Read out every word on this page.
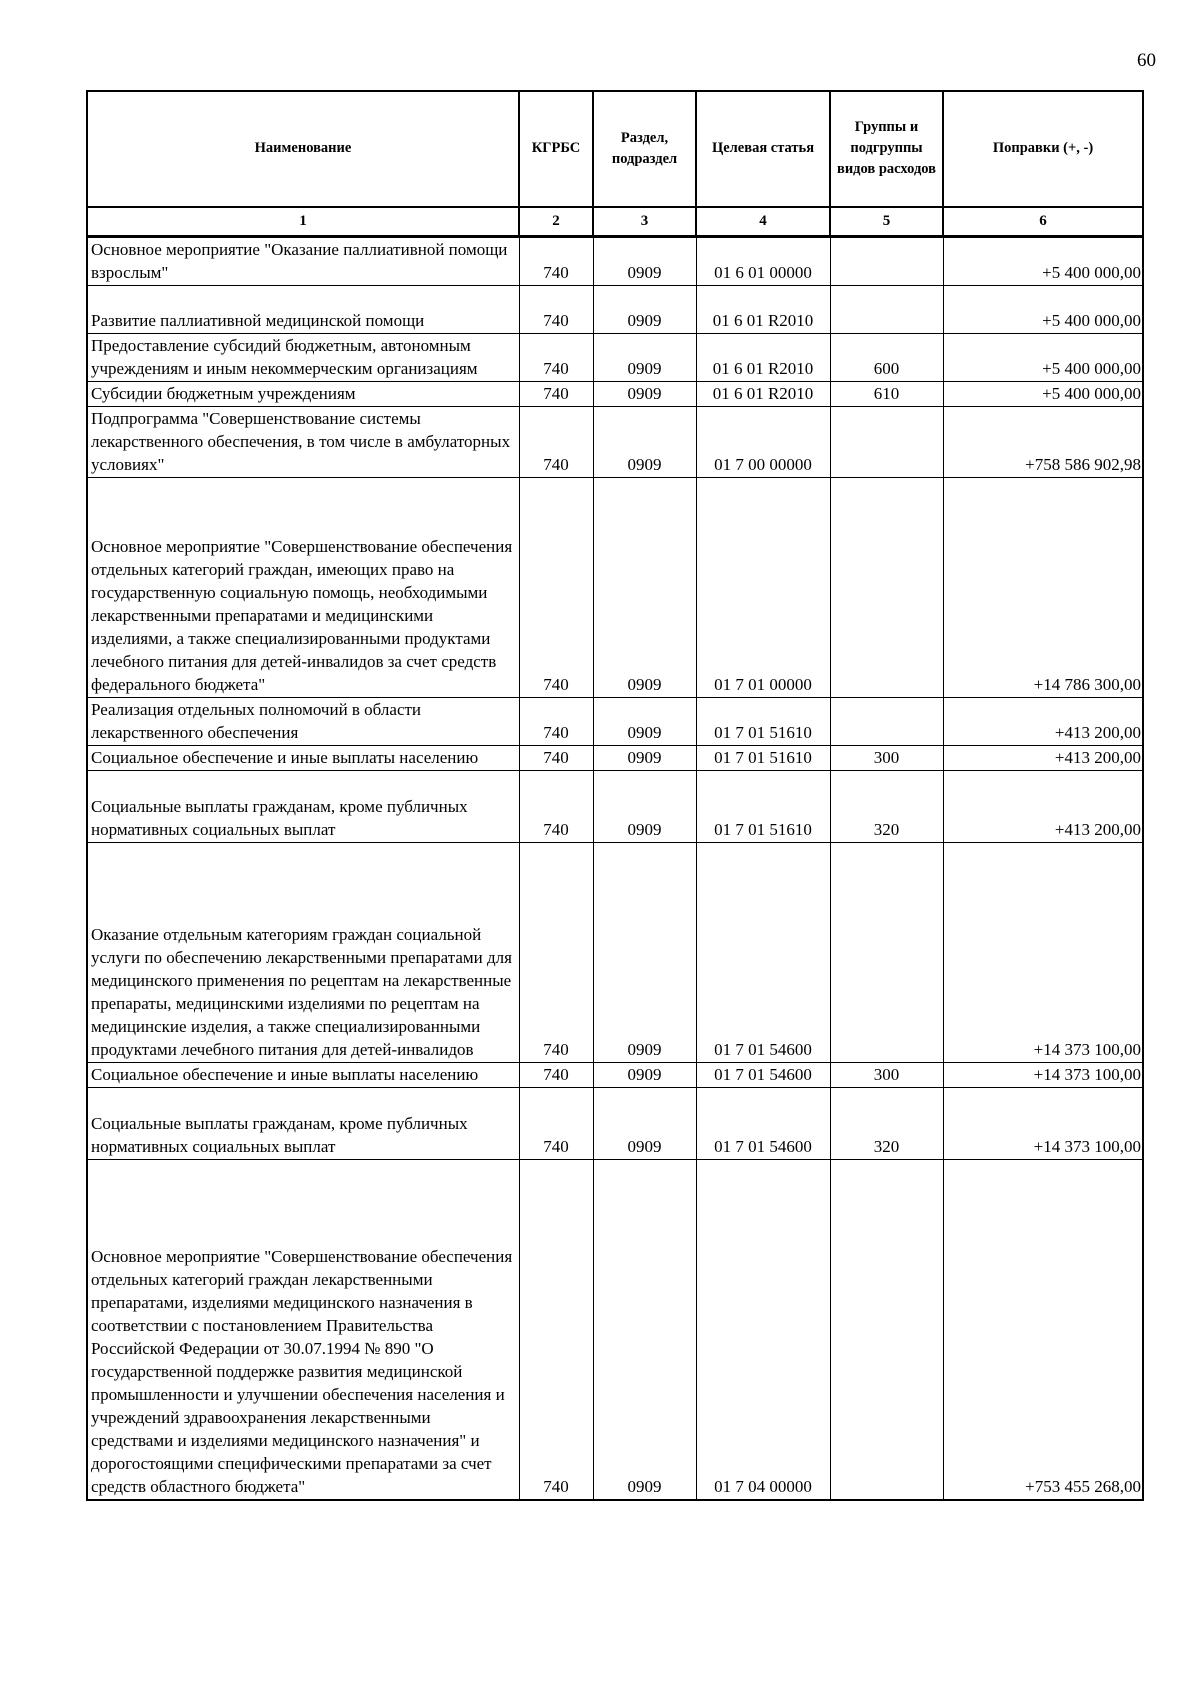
60
Наименование	КГРБС	Раздел, подраздел	Целевая статья	Группы и подгруппы видов расходов	Поправки (+, -)
1	2	3	4	5	6
Основное мероприятие "Оказание паллиативной помощи взрослым"	740	0909	01 6 01 00000		+5 400 000,00
Развитие паллиативной медицинской помощи	740	0909	01 6 01 R2010		+5 400 000,00
Предоставление субсидий бюджетным, автономным учреждениям и иным некоммерческим организациям	740	0909	01 6 01 R2010	600	+5 400 000,00
Субсидии бюджетным учреждениям	740	0909	01 6 01 R2010	610	+5 400 000,00
Подпрограмма "Совершенствование системы лекарственного обеспечения, в том числе в амбулаторных условиях"	740	0909	01 7 00 00000		+758 586 902,98
Основное мероприятие "Совершенствование обеспечения отдельных категорий граждан, имеющих право на государственную социальную помощь, необходимыми лекарственными препаратами и медицинскими изделиями, а также специализированными продуктами лечебного питания для детей-инвалидов за счет средств федерального бюджета"	740	0909	01 7 01 00000		+14 786 300,00
Реализация отдельных полномочий в области лекарственного обеспечения	740	0909	01 7 01 51610		+413 200,00
Социальное обеспечение и иные выплаты населению	740	0909	01 7 01 51610	300	+413 200,00
Социальные выплаты гражданам, кроме публичных нормативных социальных выплат	740	0909	01 7 01 51610	320	+413 200,00
Оказание отдельным категориям граждан социальной услуги по обеспечению лекарственными препаратами для медицинского применения по рецептам на лекарственные препараты, медицинскими изделиями по рецептам на медицинские изделия, а также специализированными продуктами лечебного питания для детей-инвалидов	740	0909	01 7 01 54600		+14 373 100,00
Социальное обеспечение и иные выплаты населению	740	0909	01 7 01 54600	300	+14 373 100,00
Социальные выплаты гражданам, кроме публичных нормативных социальных выплат	740	0909	01 7 01 54600	320	+14 373 100,00
Основное мероприятие "Совершенствование обеспечения отдельных категорий граждан лекарственными препаратами, изделиями медицинского назначения в соответствии с постановлением Правительства Российской Федерации от 30.07.1994 № 890 "О государственной поддержке развития медицинской промышленности и улучшении обеспечения населения и учреждений здравоохранения лекарственными средствами и изделиями медицинского назначения" и дорогостоящими специфическими препаратами за счет средств областного бюджета"	740	0909	01 7 04 00000		+753 455 268,00
